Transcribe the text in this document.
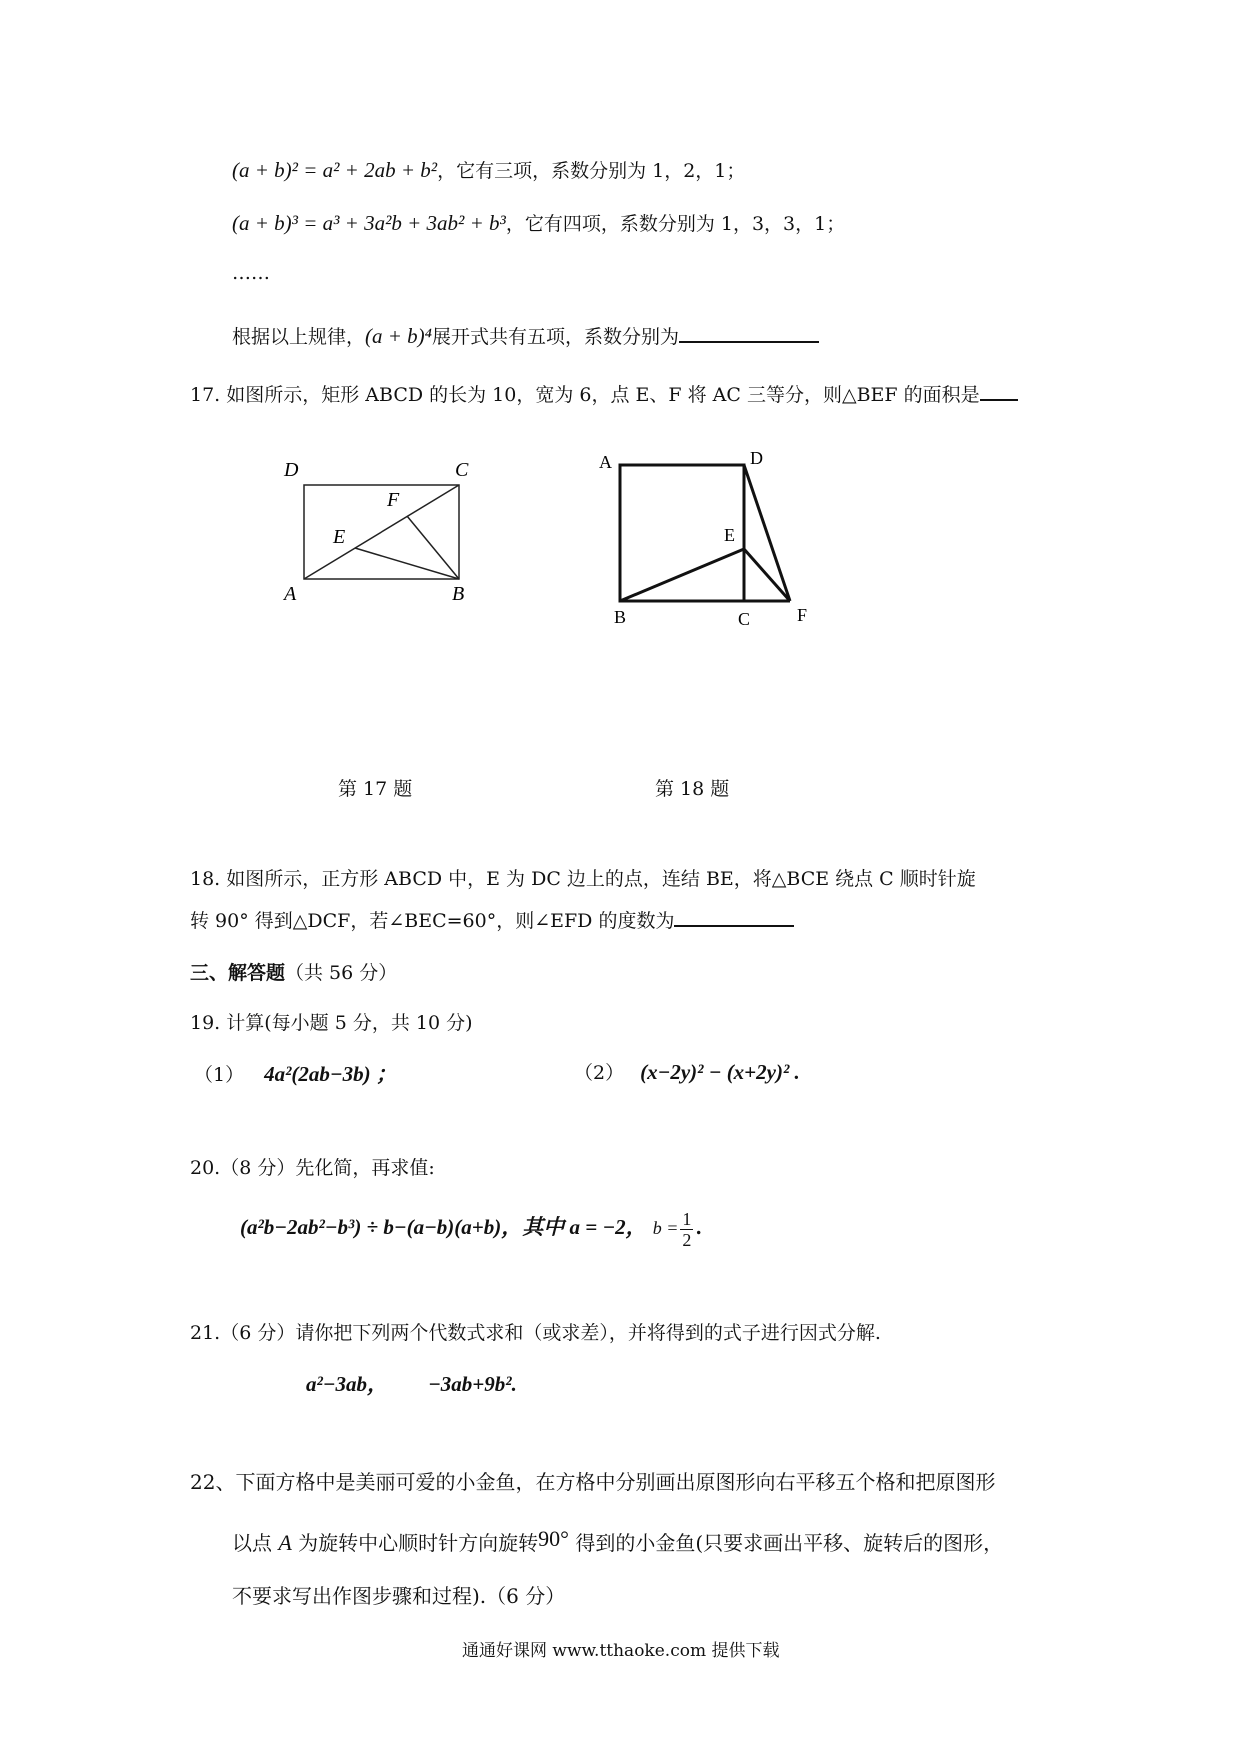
(a + b)² = a² + 2ab + b²，它有三项，系数分别为 1，2，1；
(a + b)³ = a³ + 3a²b + 3ab² + b³，它有四项，系数分别为 1，3，3，1；
……
根据以上规律，(a + b)⁴展开式共有五项，系数分别为
17. 如图所示，矩形 ABCD 的长为 10，宽为 6，点 E、F 将 AC 三等分，则△BEF 的面积是
D	C
A	B
E
F
A	D
E
B	C	F
第 17 题	第 18 题
18. 如图所示，正方形 ABCD 中，E 为 DC 边上的点，连结 BE，将△BCE 绕点 C 顺时针旋
转 90° 得到△DCF，若∠BEC=60°，则∠EFD 的度数为
三、解答题（共 56 分）
19. 计算(每小题 5 分，共 10 分)
（1） 4a²(2ab−3b) ；	（2） (x−2y)² − (x+2y)² .
20.（8 分）先化简，再求值:
(a²b−2ab²−b³) ÷ b−(a−b)(a+b)，其中 a = −2， $b = \frac{1}{2}$ .
21.（6 分）请你把下列两个代数式求和（或求差），并将得到的式子进行因式分解.
a²−3ab， −3ab+9b².
22、下面方格中是美丽可爱的小金鱼，在方格中分别画出原图形向右平移五个格和把原图形
以点 A 为旋转中心顺时针方向旋转90° 得到的小金鱼(只要求画出平移、旋转后的图形，
不要求写出作图步骤和过程).（6 分）
通通好课网 www.tthaoke.com 提供下载
